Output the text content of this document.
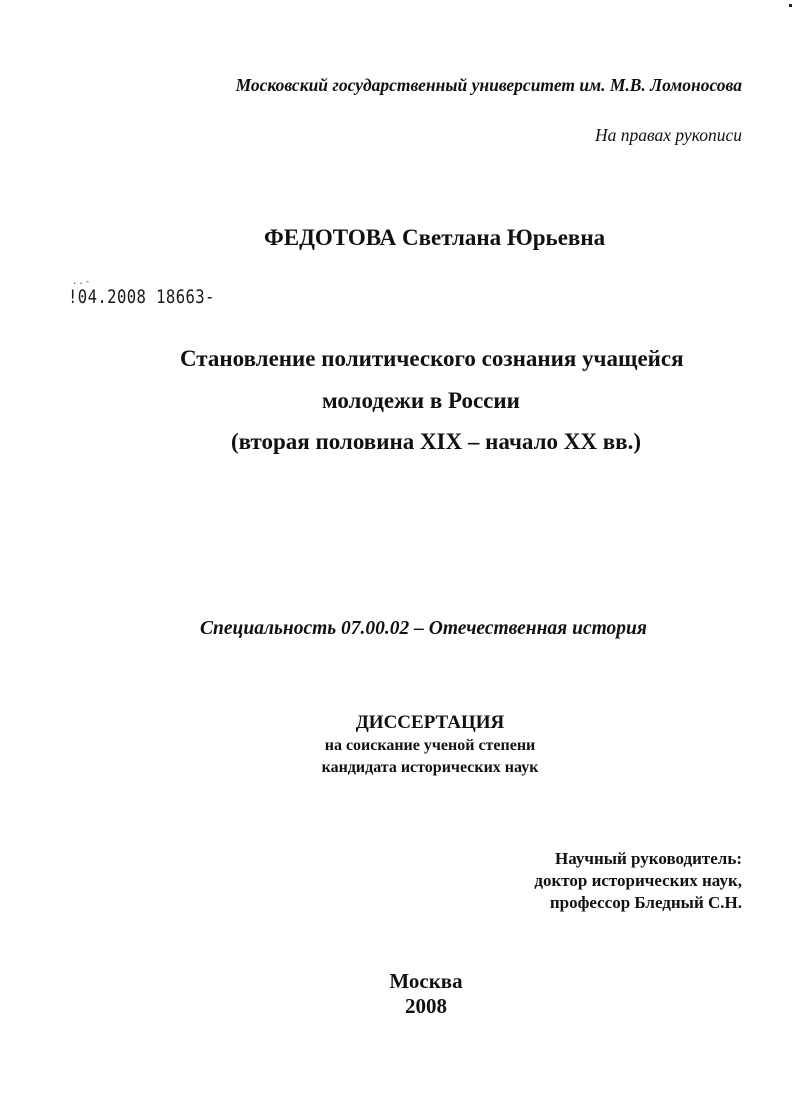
Московский государственный университет им. М.В. Ломоносова
На правах рукописи
ФЕДОТОВА Светлана Юрьевна
..-
!04.2008 18663-
Становление политического сознания учащейся
молодежи в России
(вторая половина XIX – начало XX вв.)
Специальность 07.00.02 – Отечественная история
ДИССЕРТАЦИЯ
на соискание ученой степени
кандидата исторических наук
Научный руководитель:
доктор исторических наук,
профессор Бледный С.Н.
Москва
2008
